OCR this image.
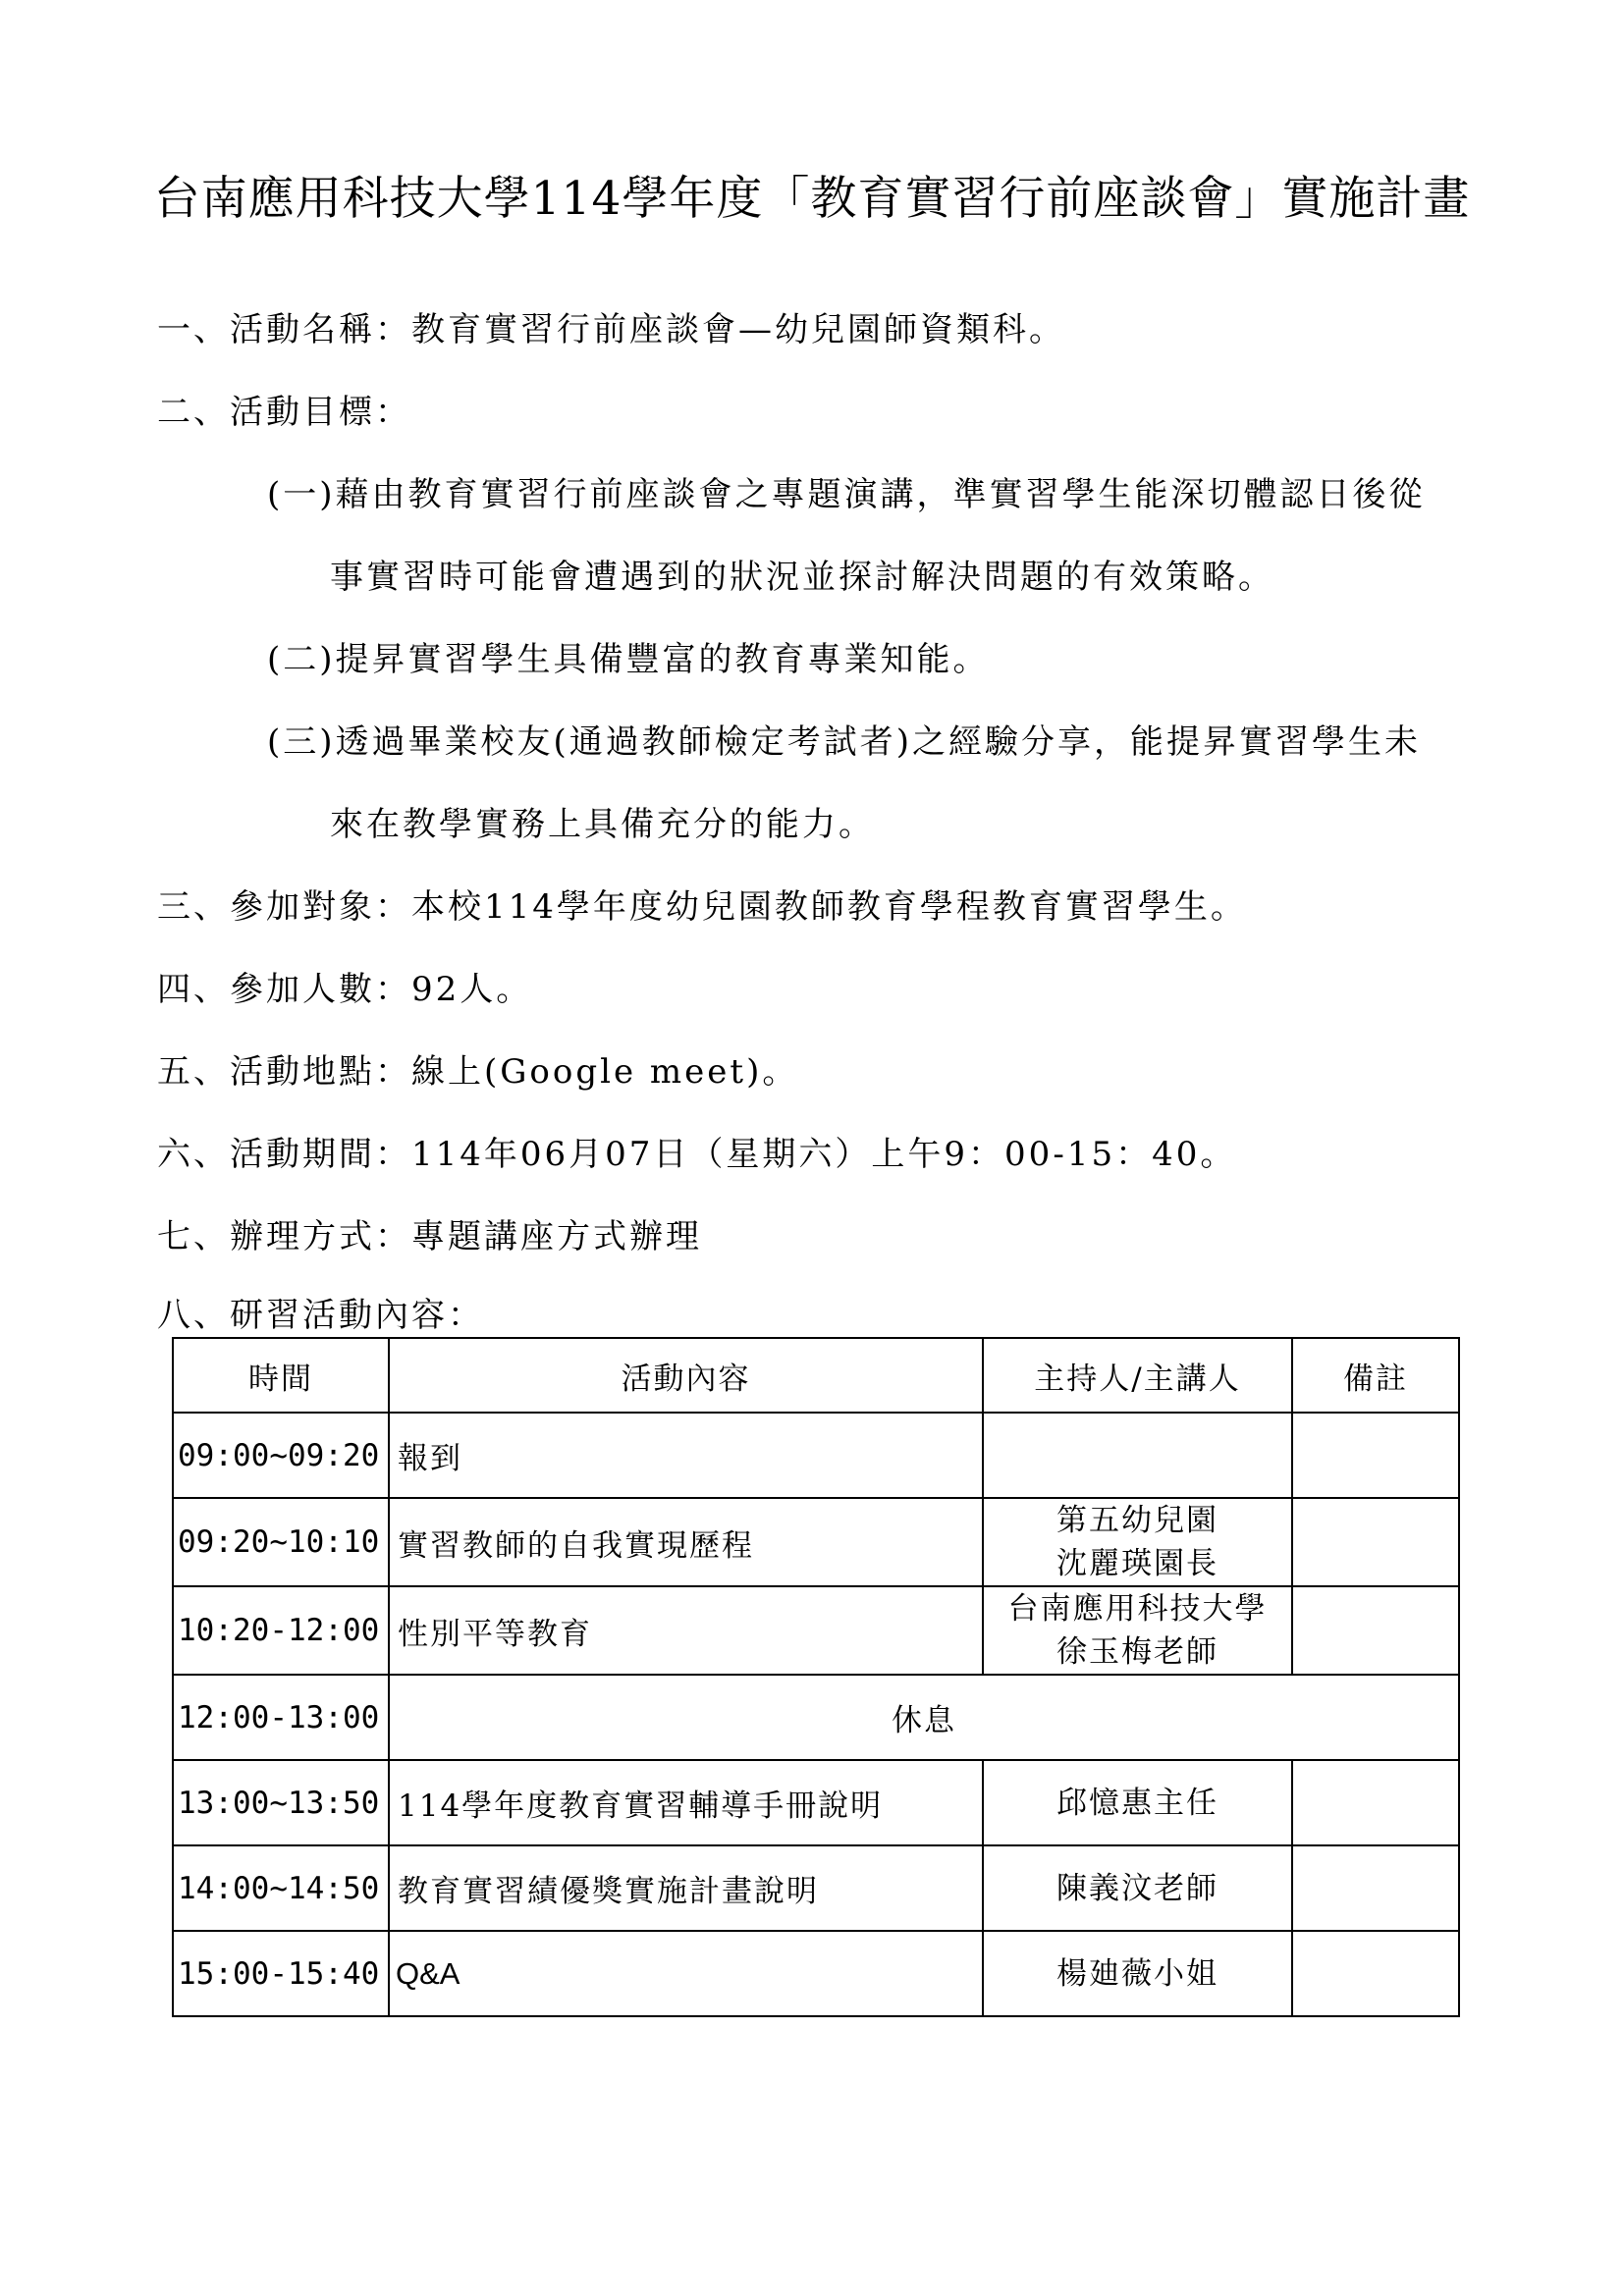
台南應用科技大學114學年度「教育實習行前座談會」實施計畫
一、活動名稱：教育實習行前座談會—幼兒園師資類科。
二、活動目標：
(一)藉由教育實習行前座談會之專題演講，準實習學生能深切體認日後從
事實習時可能會遭遇到的狀況並探討解決問題的有效策略。
(二)提昇實習學生具備豐富的教育專業知能。
(三)透過畢業校友(通過教師檢定考試者)之經驗分享，能提昇實習學生未
來在教學實務上具備充分的能力。
三、參加對象：本校114學年度幼兒園教師教育學程教育實習學生。
四、參加人數：92人。
五、活動地點：線上(Google meet)。
六、活動期間：114年06月07日（星期六）上午9：00-15：40。
七、辦理方式：專題講座方式辦理
八、研習活動內容：
時間	活動內容	主持人/主講人	備註
09:00~09:20	報到		
09:20~10:10	實習教師的自我實現歷程	第五幼兒園
沈麗瑛園長	

10:20-12:00	性別平等教育	台南應用科技大學
徐玉梅老師	

12:00-13:00	休息		
13:00~13:50	114學年度教育實習輔導手冊說明	邱憶惠主任	
14:00~14:50	教育實習績優獎實施計畫說明	陳義汶老師	
15:00-15:40	Q&A	楊廸薇小姐	
